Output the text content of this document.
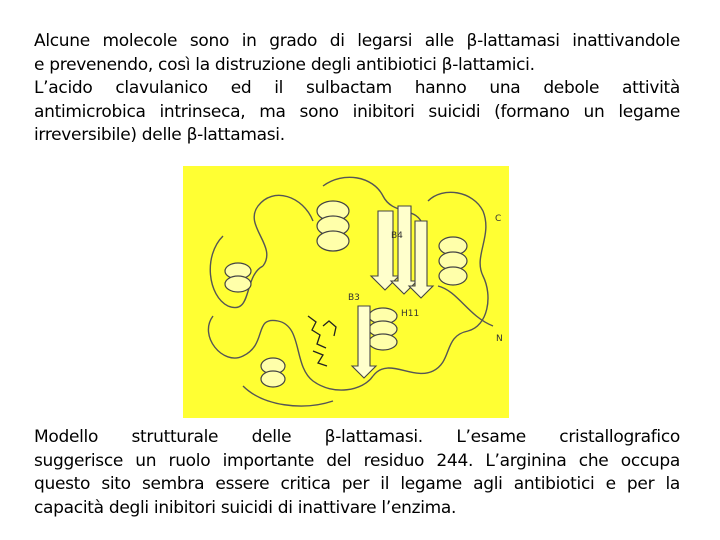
Alcune molecole sono in grado di legarsi alle β-lattamasi inattivandole
e prevenendo, così la distruzione degli antibiotici β-lattamici.
L’acido clavulanico ed il sulbactam hanno una debole attività
antimicrobica intrinseca, ma sono inibitori suicidi (formano un legame
irreversibile) delle β-lattamasi.

B4
B3
H11
N
C

Modello strutturale delle β-lattamasi. L’esame cristallografico
suggerisce un ruolo importante del residuo 244. L’arginina che occupa
questo sito sembra essere critica per il legame agli antibiotici e per la
capacità degli inibitori suicidi di inattivare l’enzima.
